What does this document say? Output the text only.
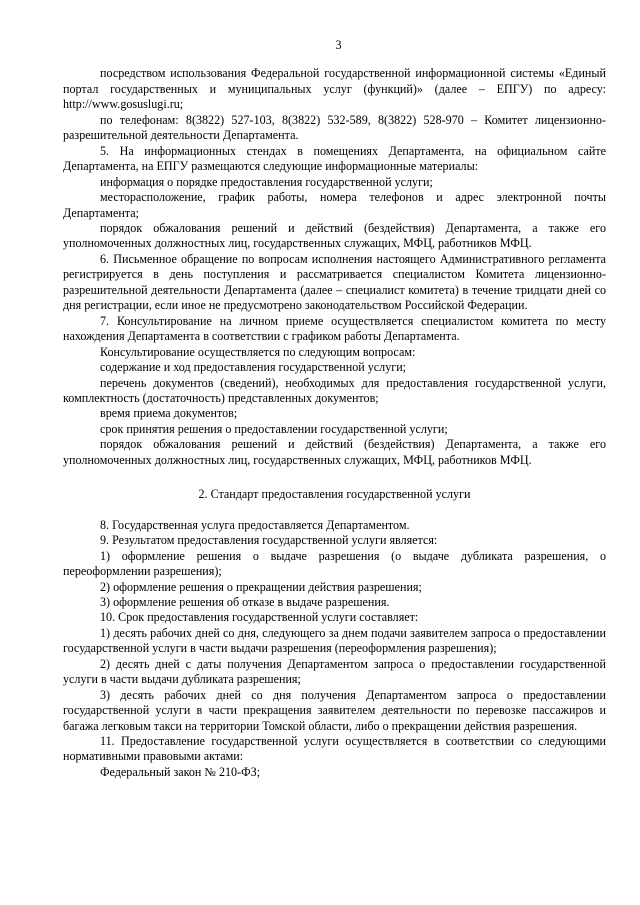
3

посредством использования Федеральной государственной информационной системы «Единый портал государственных и муниципальных услуг (функций)» (далее – ЕПГУ) по адресу: http://www.gosuslugi.ru;

по телефонам: 8(3822) 527-103, 8(3822) 532-589, 8(3822) 528-970 – Комитет лицензионно-разрешительной деятельности Департамента.

5. На информационных стендах в помещениях Департамента, на официальном сайте Департамента, на ЕПГУ размещаются следующие информационные материалы:

информация о порядке предоставления государственной услуги;

месторасположение, график работы, номера телефонов и адрес электронной почты Департамента;

порядок обжалования решений и действий (бездействия) Департамента, а также его уполномоченных должностных лиц, государственных служащих, МФЦ, работников МФЦ.

6. Письменное обращение по вопросам исполнения настоящего Административного регламента регистрируется в день поступления и рассматривается специалистом Комитета лицензионно-разрешительной деятельности Департамента (далее – специалист комитета) в течение тридцати дней со дня регистрации, если иное не предусмотрено законодательством Российской Федерации.

7. Консультирование на личном приеме осуществляется специалистом комитета по месту нахождения Департамента в соответствии с графиком работы Департамента.

Консультирование осуществляется по следующим вопросам:

содержание и ход предоставления государственной услуги;

перечень документов (сведений), необходимых для предоставления государственной услуги, комплектность (достаточность) представленных документов;

время приема документов;

срок принятия решения о предоставлении государственной услуги;

порядок обжалования решений и действий (бездействия) Департамента, а также его уполномоченных должностных лиц, государственных служащих, МФЦ, работников МФЦ.

2. Стандарт предоставления государственной услуги

8. Государственная услуга предоставляется Департаментом.

9. Результатом предоставления государственной услуги является:

1) оформление решения о выдаче разрешения (о выдаче дубликата разрешения, о переоформлении разрешения);

2) оформление решения о прекращении действия разрешения;

3) оформление решения об отказе в выдаче разрешения.

10. Срок предоставления государственной услуги составляет:

1) десять рабочих дней со дня, следующего за днем подачи заявителем запроса о предоставлении государственной услуги в части выдачи разрешения (переоформления разрешения);

2) десять дней с даты получения Департаментом запроса о предоставлении государственной услуги в части выдачи дубликата разрешения;

3) десять рабочих дней со дня получения Департаментом запроса о предоставлении государственной услуги в части прекращения заявителем деятельности по перевозке пассажиров и багажа легковым такси на территории Томской области, либо о прекращении действия разрешения.

11. Предоставление государственной услуги осуществляется в соответствии со следующими нормативными правовыми актами:

Федеральный закон № 210-ФЗ;
